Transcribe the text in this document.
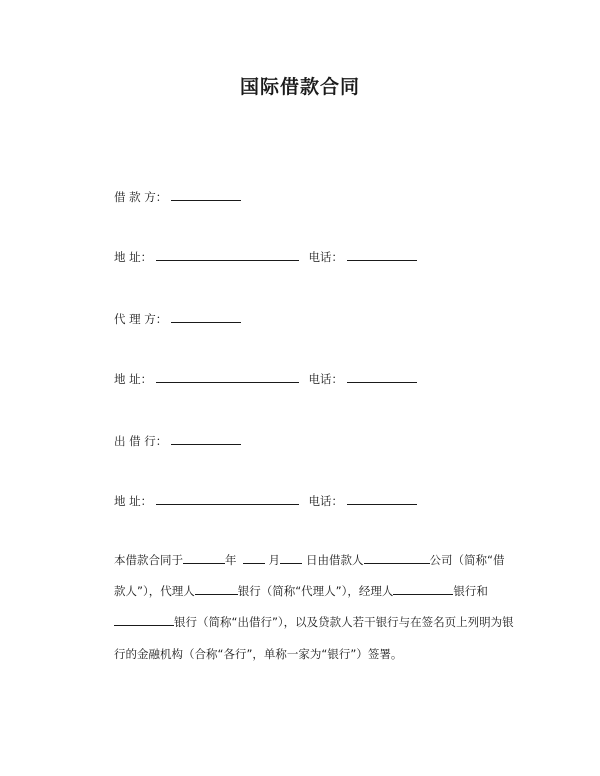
国际借款合同
借 款 方：
地 址：	电话：
代 理 方：
地 址：	电话：
出 借 行：
地 址：	电话：
本借款合同于	年	月 日由借款人	公司（简称“借
款人”），代理人	银行（简称“代理人”），经理人	银行和
银行（简称“出借行”），以及贷款人若干银行与在签名页上列明为银
行的金融机构（合称“各行”，单称一家为“银行”）签署。
